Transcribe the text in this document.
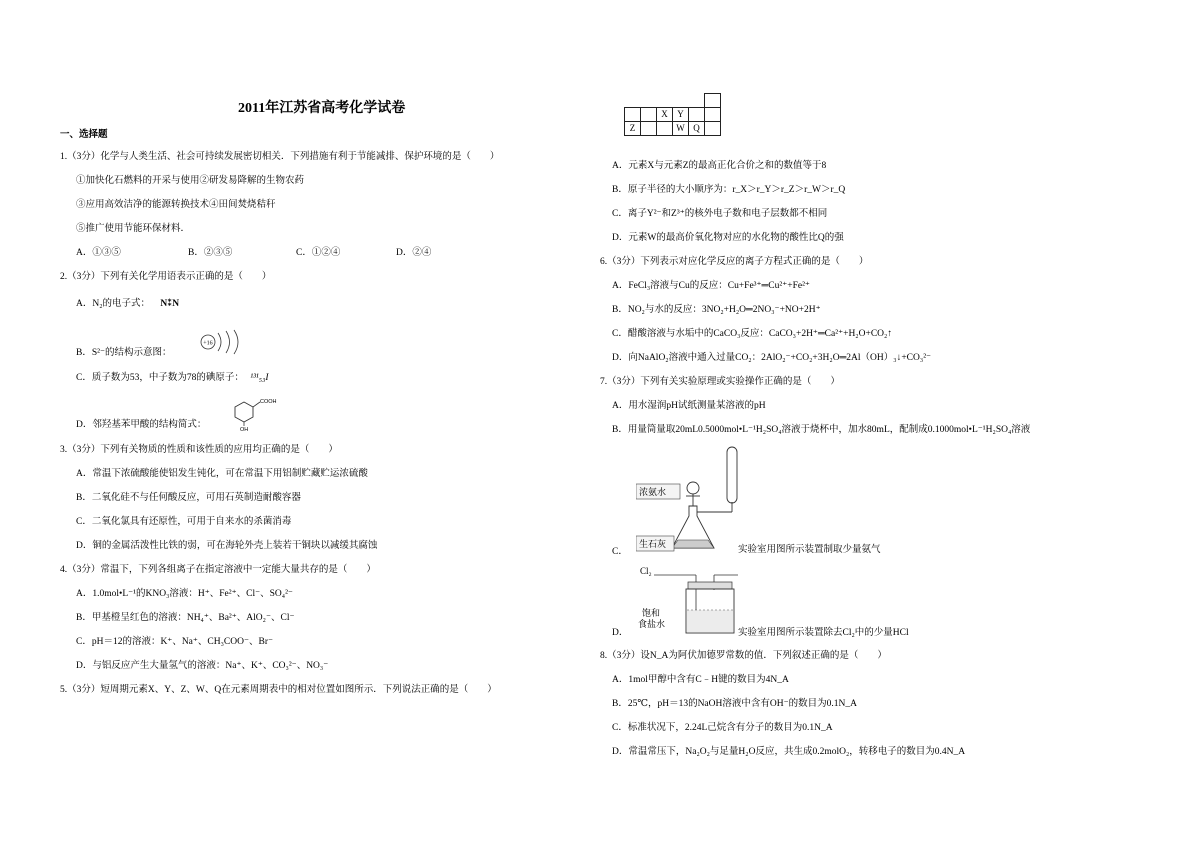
2011年江苏省高考化学试卷
一、选择题
1.（3分）化学与人类生活、社会可持续发展密切相关．下列措施有利于节能减排、保护环境的是（　　）
①加快化石燃料的开采与使用②研发易降解的生物农药
③应用高效洁净的能源转换技术④田间焚烧秸秆
⑤推广使用节能环保材料．
A．①③⑤	B．②③⑤	C．①②④	D．②④
2.（3分）下列有关化学用语表示正确的是（　　）
A．N₂的电子式： N⁑N
B．S²⁻的结构示意图：
+16
C．质子数为53，中子数为78的碘原子： ¹³¹₅₃I
D．邻羟基苯甲酸的结构简式：
COOH
OH
3.（3分）下列有关物质的性质和该性质的应用均正确的是（　　）
A．常温下浓硫酸能使铝发生钝化，可在常温下用铝制贮藏贮运浓硫酸
B．二氧化硅不与任何酸反应，可用石英制造耐酸容器
C．二氧化氯具有还原性，可用于自来水的杀菌消毒
D．铜的金属活泼性比铁的弱，可在海轮外壳上装若干铜块以减缓其腐蚀
4.（3分）常温下，下列各组离子在指定溶液中一定能大量共存的是（　　）
A．1.0mol•L⁻¹的KNO₃溶液：H⁺、Fe²⁺、Cl⁻、SO₄²⁻
B．甲基橙呈红色的溶液：NH₄⁺、Ba²⁺、AlO₂⁻、Cl⁻
C．pH＝12的溶液：K⁺、Na⁺、CH₃COO⁻、Br⁻
D．与铝反应产生大量氢气的溶液：Na⁺、K⁺、CO₃²⁻、NO₃⁻
5.（3分）短周期元素X、Y、Z、W、Q在元素周期表中的相对位置如图所示．下列说法正确的是（　　）

		X	Y		
Z			W	Q	
A．元素X与元素Z的最高正化合价之和的数值等于8
B．原子半径的大小顺序为：r_X＞r_Y＞r_Z＞r_W＞r_Q
C．离子Y²⁻和Z³⁺的核外电子数和电子层数都不相同
D．元素W的最高价氧化物对应的水化物的酸性比Q的强
6.（3分）下列表示对应化学反应的离子方程式正确的是（　　）
A．FeCl₃溶液与Cu的反应：Cu+Fe³⁺═Cu²⁺+Fe²⁺
B．NO₂与水的反应：3NO₂+H₂O═2NO₃⁻+NO+2H⁺
C．醋酸溶液与水垢中的CaCO₃反应：CaCO₃+2H⁺═Ca²⁺+H₂O+CO₂↑
D．向NaAlO₂溶液中通入过量CO₂：2AlO₂⁻+CO₂+3H₂O═2Al（OH）₃↓+CO₃²⁻
7.（3分）下列有关实验原理或实验操作正确的是（　　）
A．用水湿润pH试纸测量某溶液的pH
B．用量筒量取20mL0.5000mol•L⁻¹H₂SO₄溶液于烧杯中，加水80mL，配制成0.1000mol•L⁻¹H₂SO₄溶液
浓氨水
生石灰
C．	实验室用图所示装置制取少量氨气
Cl₂
饱和
食盐水
D．	实验室用图所示装置除去Cl₂中的少量HCl
8.（3分）设N_A为阿伏加德罗常数的值．下列叙述正确的是（　　）
A．1mol甲醇中含有C﹣H键的数目为4N_A
B．25℃，pH＝13的NaOH溶液中含有OH⁻的数目为0.1N_A
C．标准状况下，2.24L己烷含有分子的数目为0.1N_A
D．常温常压下，Na₂O₂与足量H₂O反应，共生成0.2molO₂，转移电子的数目为0.4N_A
